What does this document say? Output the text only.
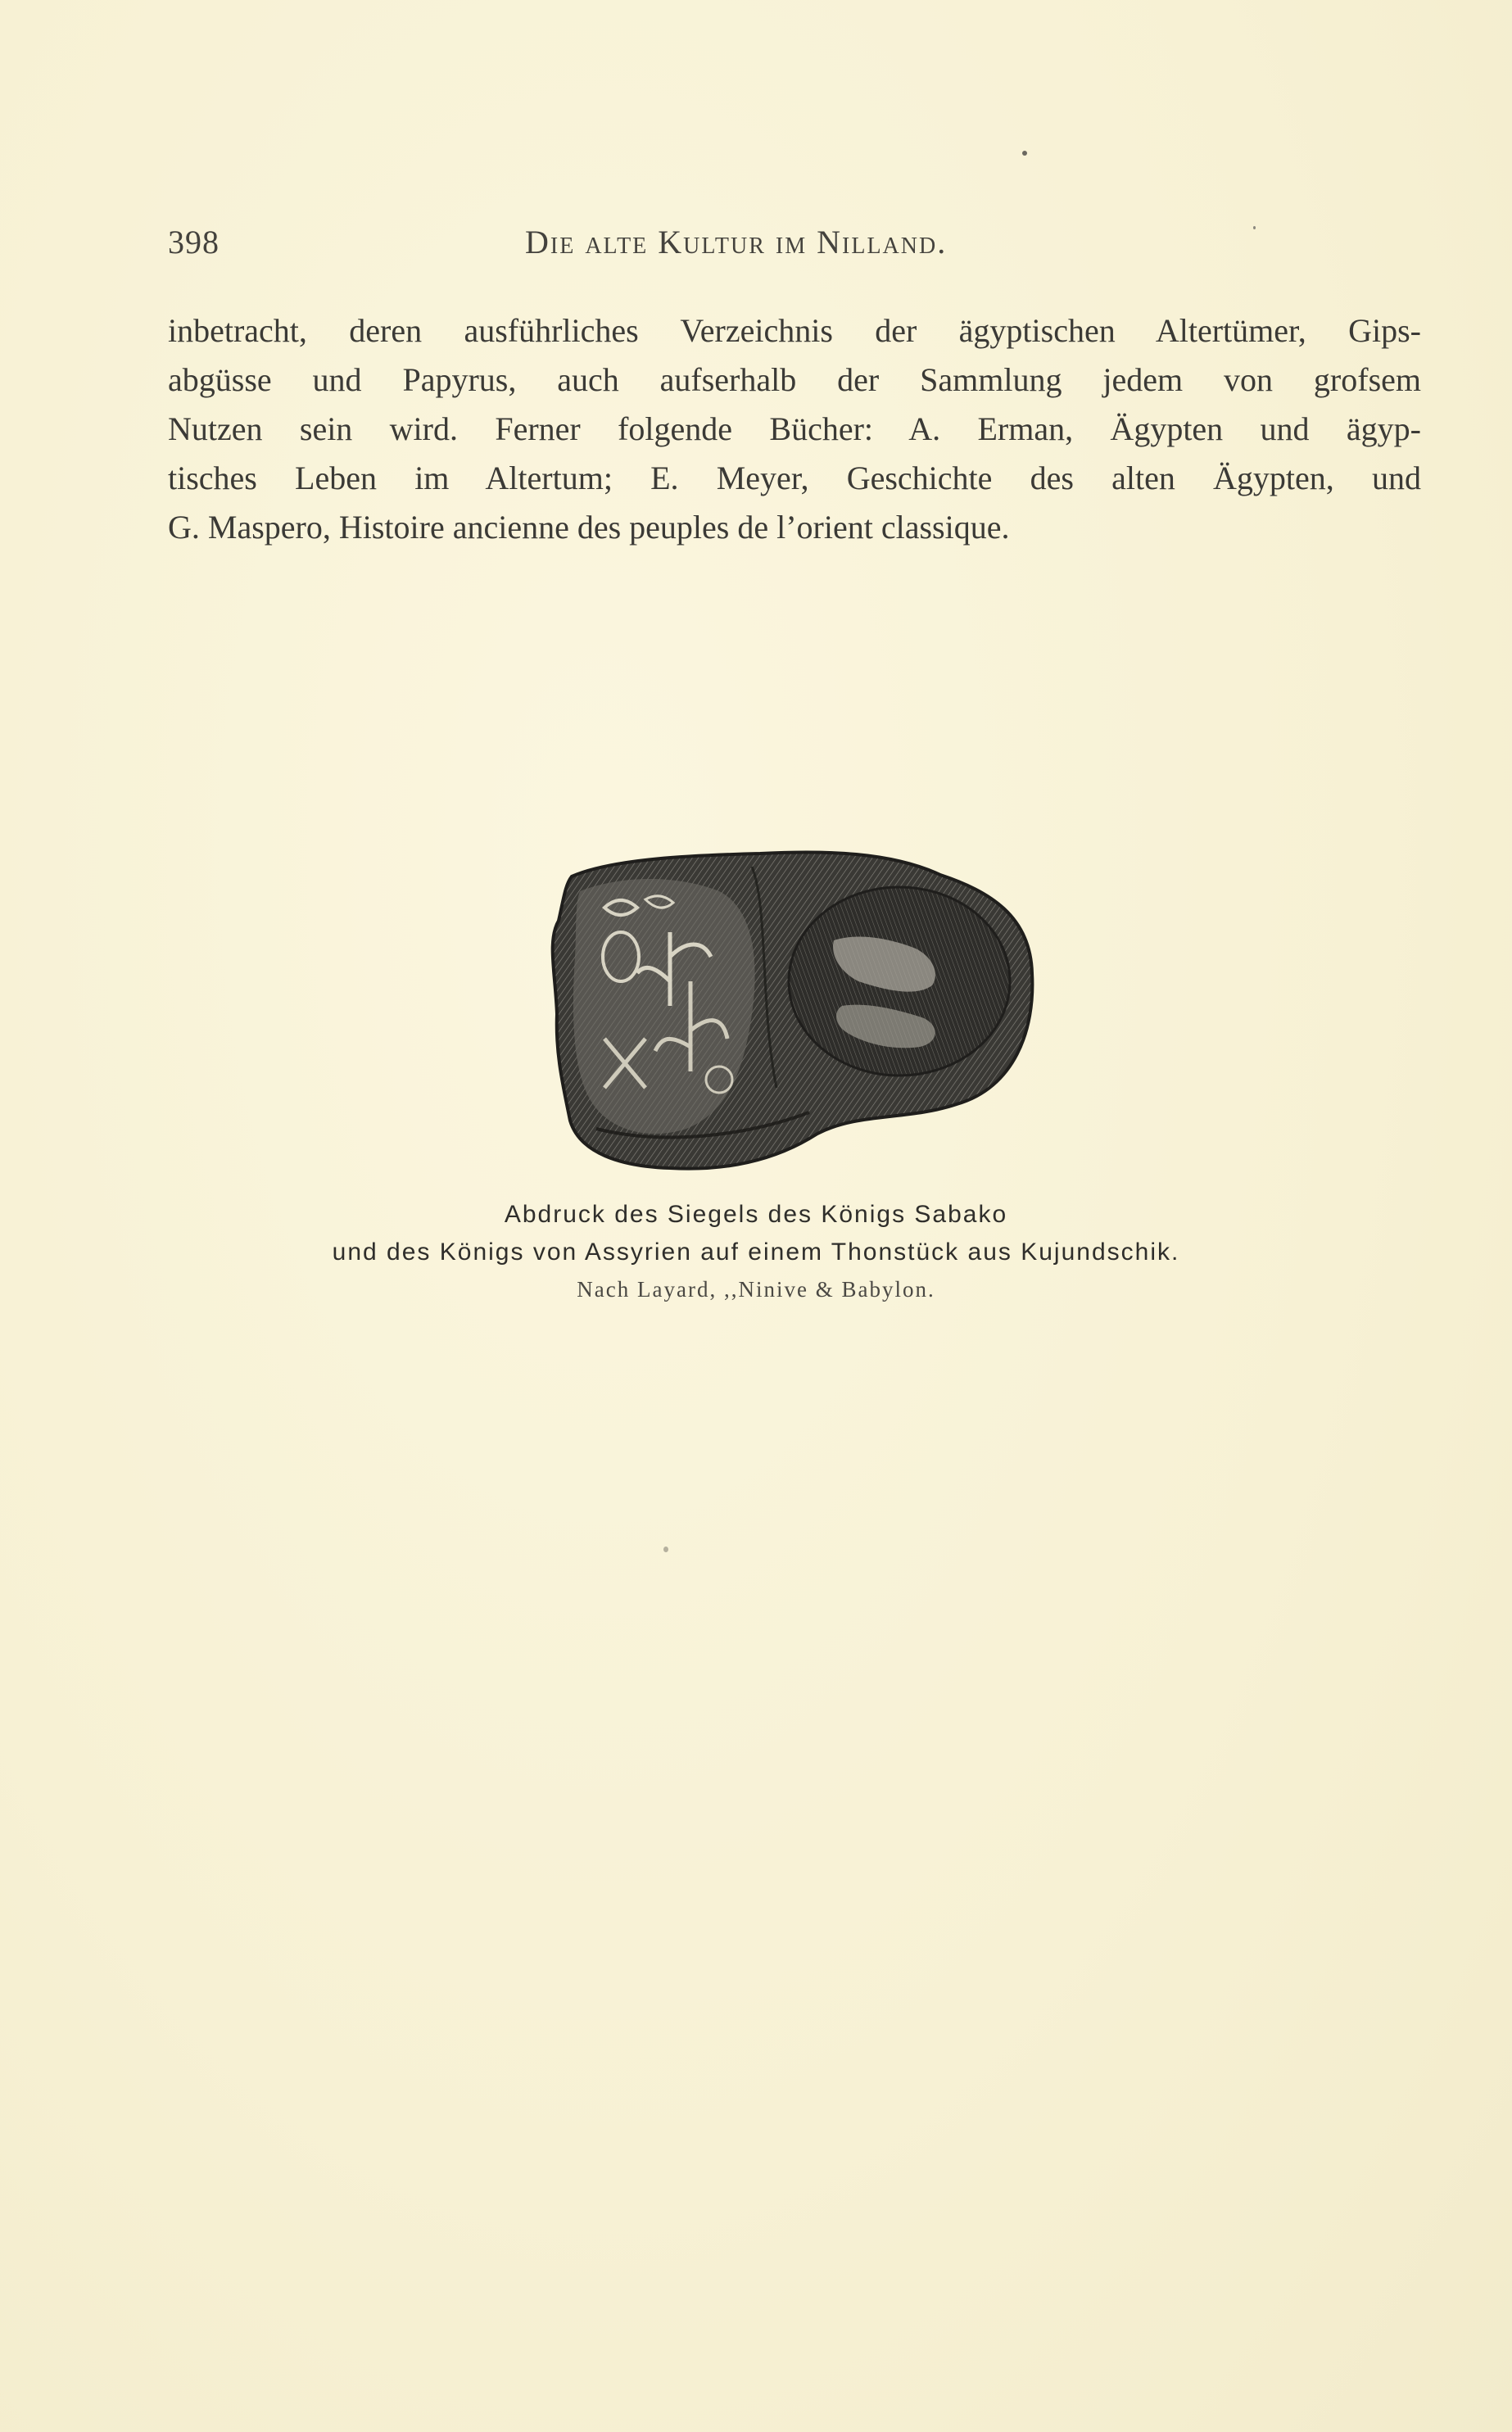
398	Die alte Kultur im Nilland.
inbetracht, deren ausführliches Verzeichnis der ägyptischen Altertümer, Gips-
abgüsse und Papyrus, auch aufserhalb der Sammlung jedem von grofsem
Nutzen sein wird. Ferner folgende Bücher: A. Erman, Ägypten und ägyp-
tisches Leben im Altertum; E. Meyer, Geschichte des alten Ägypten, und
G. Maspero, Histoire ancienne des peuples de l’orient classique.
Abdruck des Siegels des Königs Sabako
und des Königs von Assyrien auf einem Thonstück aus Kujundschik.
Nach Layard, ,,Ninive & Babylon.
